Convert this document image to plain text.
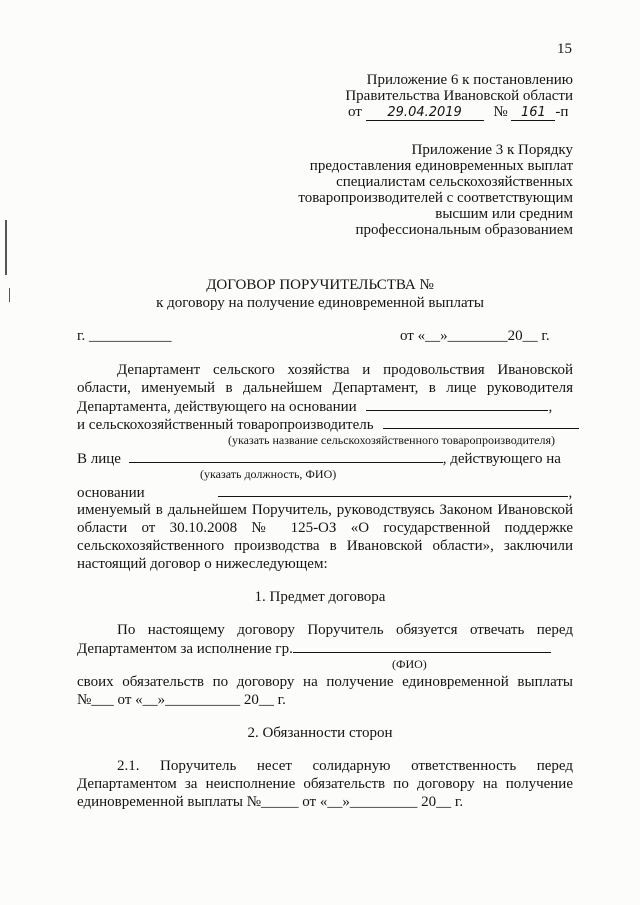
15
Приложение 6 к постановлению
Правительства Ивановской области
от 29.04.2019 № 161 -п
Приложение 3 к Порядку
предоставления единовременных выплат
специалистам сельскохозяйственных
товаропроизводителей с соответствующим
высшим или средним
профессиональным образованием
ДОГОВОР ПОРУЧИТЕЛЬСТВА №
к договору на получение единовременной выплаты
г. ___________	от «__»________20__ г.
Департамент сельского хозяйства и продовольствия Ивановской
области, именуемый в дальнейшем Департамент, в лице руководителя
Департамента, действующего на основании	,
и сельскохозяйственный товаропроизводитель
(указать название сельскохозяйственного товаропроизводителя)
В лице	, действующего на
(указать должность, ФИО)
основании	,
именуемый в дальнейшем Поручитель, руководствуясь Законом Ивановской
области от 30.10.2008 № 125-ОЗ «О государственной поддержке
сельскохозяйственного производства в Ивановской области», заключили
настоящий договор о нижеследующем:
1. Предмет договора
По настоящему договору Поручитель обязуется отвечать перед
Департаментом за исполнение гр.
(ФИО)
своих обязательств по договору на получение единовременной выплаты
№___ от «__»__________ 20__ г.
2. Обязанности сторон
2.1. Поручитель несет солидарную ответственность перед
Департаментом за неисполнение обязательств по договору на получение
единовременной выплаты №_____ от «__»_________ 20__ г.
